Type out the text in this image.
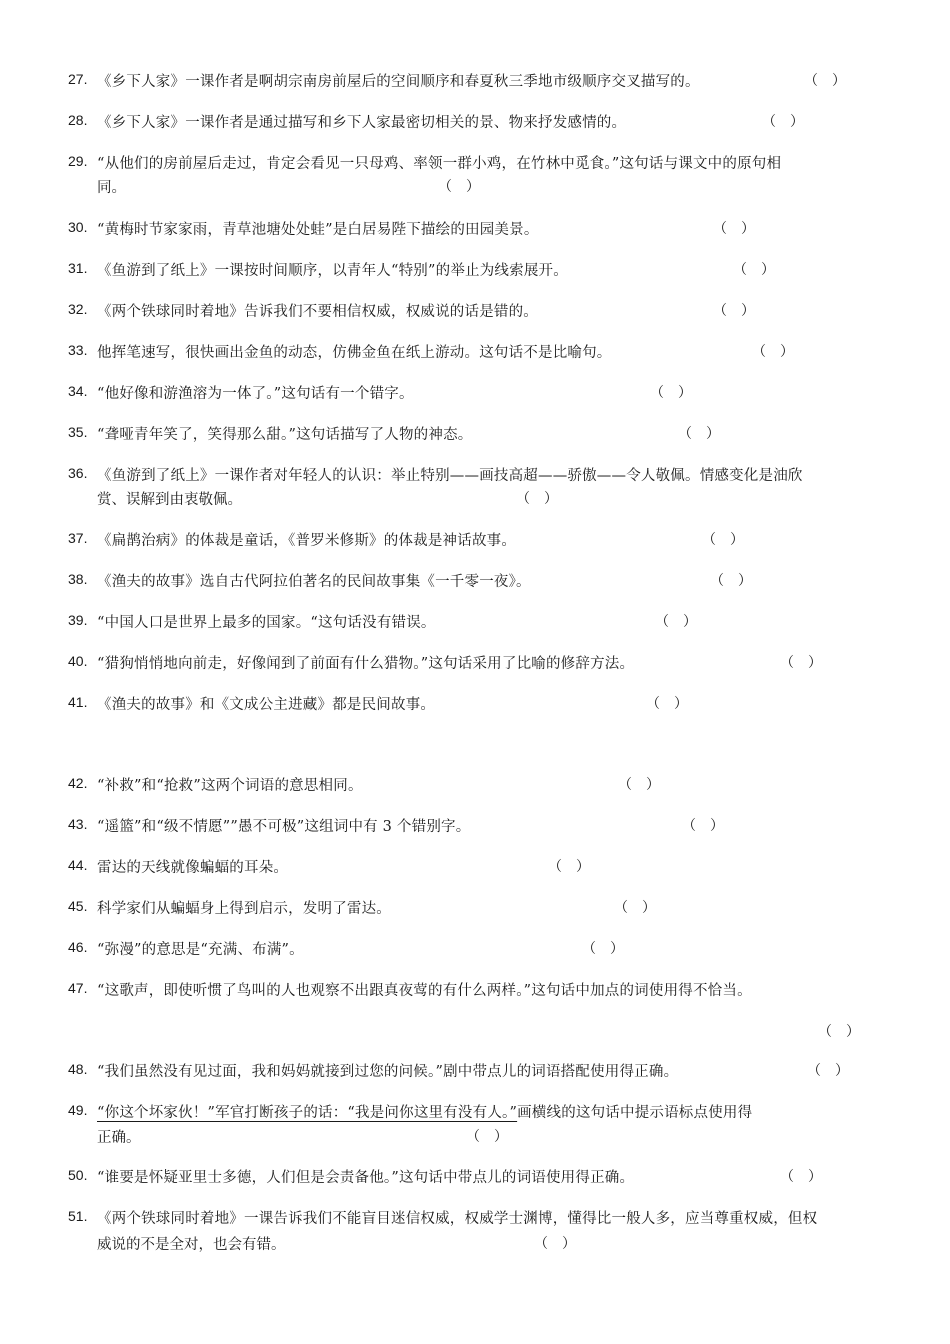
27. 《乡下人家》一课作者是啊胡宗南房前屋后的空间顺序和春夏秋三季地市级顺序交叉描写的。	（　）
28. 《乡下人家》一课作者是通过描写和乡下人家最密切相关的景、物来抒发感情的。	（　）
29. “从他们的房前屋后走过，肯定会看见一只母鸡、率领一群小鸡，在竹林中觅食。”这句话与课文中的原句相
同。	（　）
30. “黄梅时节家家雨，青草池塘处处蛙”是白居易陛下描绘的田园美景。	（　）
31. 《鱼游到了纸上》一课按时间顺序，以青年人“特别”的举止为线索展开。	（　）
32. 《两个铁球同时着地》告诉我们不要相信权威，权威说的话是错的。	（　）
33. 他挥笔速写，很快画出金鱼的动态，仿佛金鱼在纸上游动。这句话不是比喻句。	（　）
34. “他好像和游渔溶为一体了。”这句话有一个错字。	（　）
35. “聋哑青年笑了，笑得那么甜。”这句话描写了人物的神态。	（　）
36. 《鱼游到了纸上》一课作者对年轻人的认识：举止特别——画技高超——骄傲——令人敬佩。情感变化是油欣
赏、误解到由衷敬佩。	（　）
37. 《扁鹊治病》的体裁是童话，《普罗米修斯》的体裁是神话故事。	（　）
38. 《渔夫的故事》选自古代阿拉伯著名的民间故事集《一千零一夜》。	（　）
39. “中国人口是世界上最多的国家。“这句话没有错误。	（　）
40. “猎狗悄悄地向前走，好像闻到了前面有什么猎物。”这句话采用了比喻的修辞方法。	（　）
41. 《渔夫的故事》和《文成公主进藏》都是民间故事。	（　）
42. “补救”和“抢救”这两个词语的意思相同。	（　）
43. “遥篮”和“级不情愿””愚不可极”这组词中有 3 个错别字。	（　）
44. 雷达的天线就像蝙蝠的耳朵。	（　）
45. 科学家们从蝙蝠身上得到启示，发明了雷达。	（　）
46. “弥漫”的意思是“充满、布满”。	（　）
47. “这歌声，即使听惯了鸟叫的人也观察不出跟真夜莺的有什么两样。”这句话中加点的词使用得不恰当。
（　）
48. “我们虽然没有见过面，我和妈妈就接到过您的问候。”剧中带点儿的词语搭配使用得正确。	（　）
49. “你这个坏家伙！”军官打断孩子的话：“我是问你这里有没有人。”画横线的这句话中提示语标点使用得
正确。	（　）
50. “谁要是怀疑亚里士多德，人们但是会责备他。”这句话中带点儿的词语使用得正确。	（　）
51. 《两个铁球同时着地》一课告诉我们不能盲目迷信权威，权威学士渊博，懂得比一般人多，应当尊重权威，但权
威说的不是全对，也会有错。	（　）
